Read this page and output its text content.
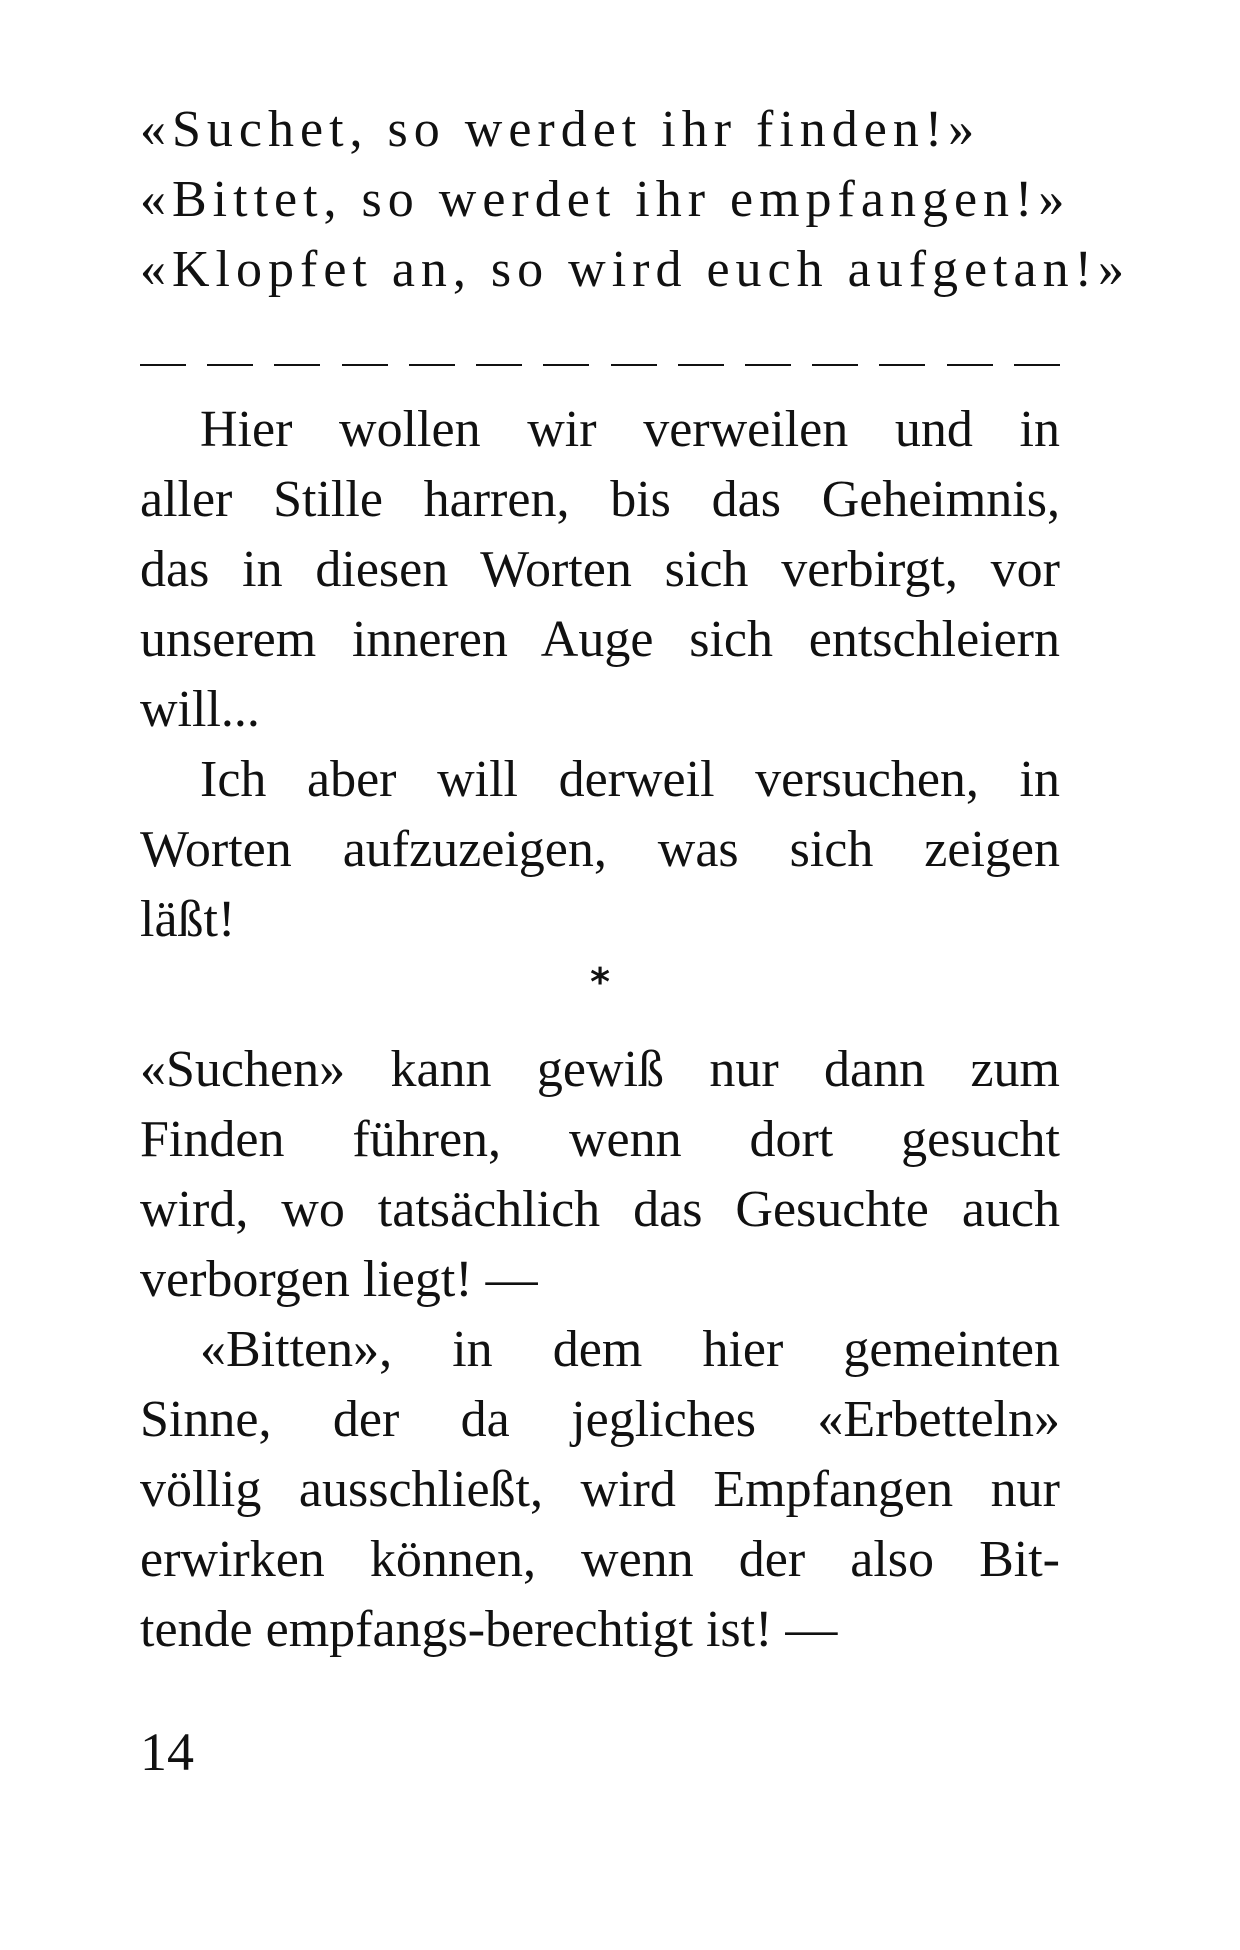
«Suchet, so werdet ihr finden!»
«Bittet, so werdet ihr empfangen!»
«Klopfet an, so wird euch aufgetan!»
Hier wollen wir verweilen und in
aller Stille harren, bis das Geheimnis,
das in diesen Worten sich verbirgt, vor
unserem inneren Auge sich entschleiern
will...
Ich aber will derweil versuchen, in
Worten aufzuzeigen, was sich zeigen
läßt!
*
«Suchen» kann gewiß nur dann zum
Finden führen, wenn dort gesucht
wird, wo tatsächlich das Gesuchte auch
verborgen liegt! —
«Bitten», in dem hier gemeinten
Sinne, der da jegliches «Erbetteln»
völlig ausschließt, wird Empfangen nur
erwirken können, wenn der also Bit-
tende empfangs-berechtigt ist! —
14
